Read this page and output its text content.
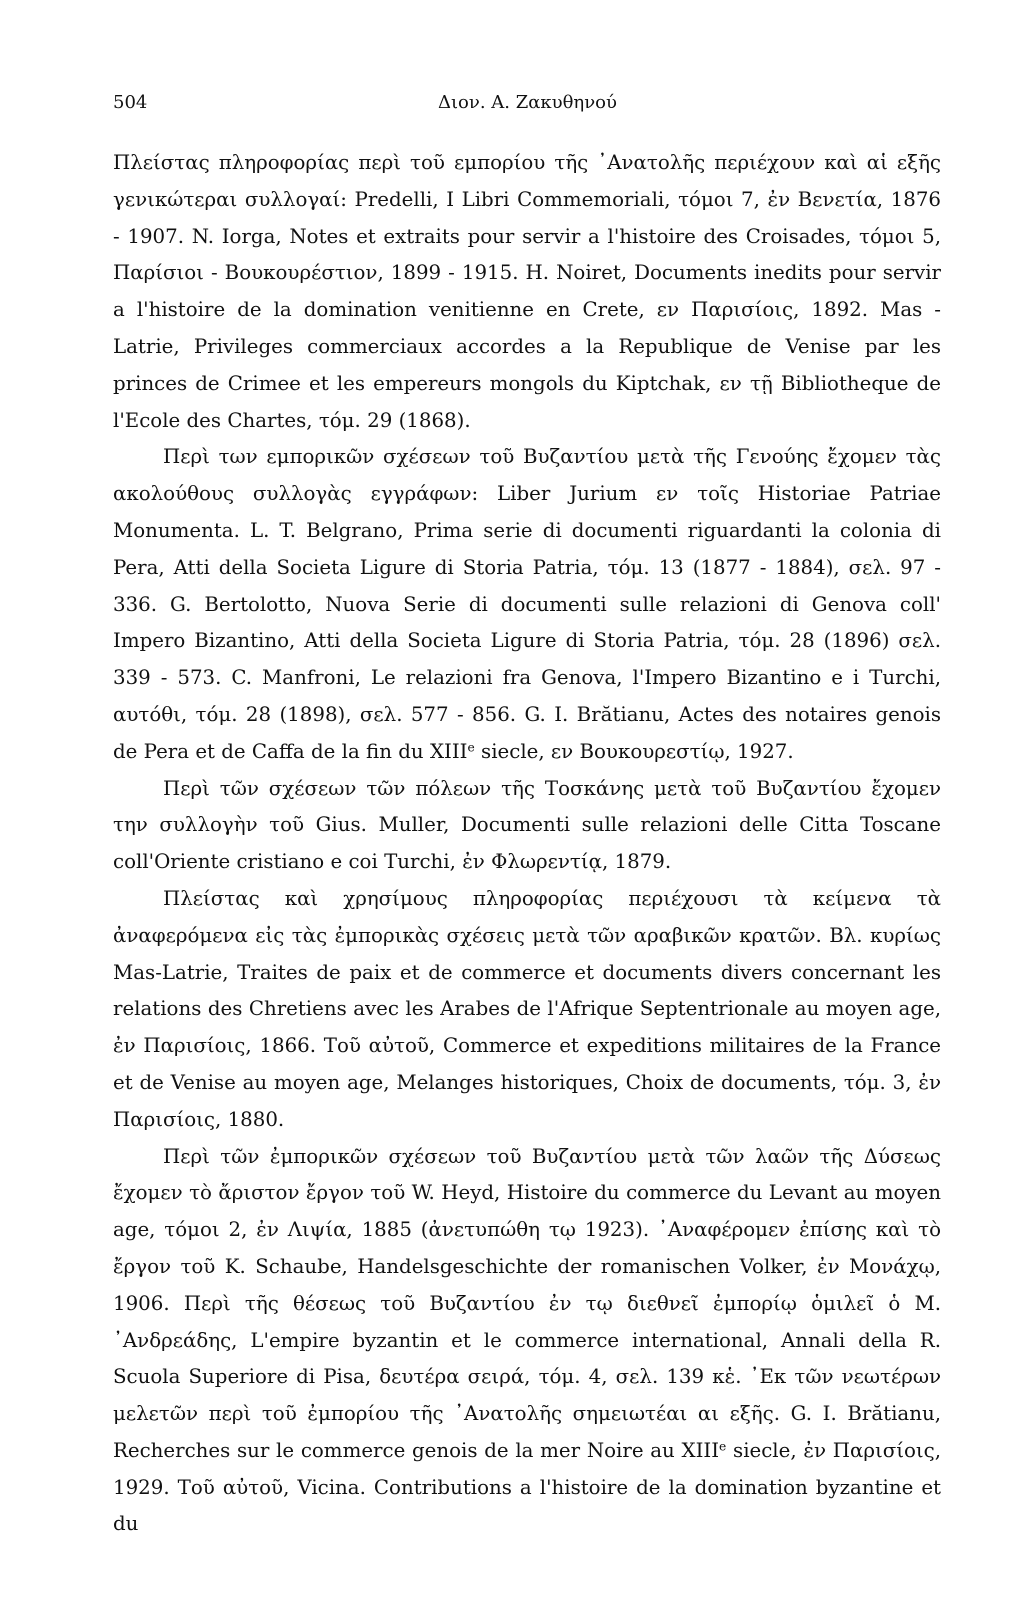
504	Διον. Α. Ζακυθηνού

Πλείστας πληροφορίας περὶ τοῦ εμπορίου τῆς ᾿Ανατολῆς περιέχουν καὶ αἱ εξῆς γενικώτεραι συλλογαί: Predelli, I Libri Commemoriali, τόμοι 7, ἐν Βενετία, 1876 - 1907. N. Iorga, Notes et extraits pour servir a l'histoire des Croisades, τόμοι 5, Παρίσιοι - Βουκουρέστιον, 1899 - 1915. H. Noiret, Documents inedits pour servir a l'histoire de la domination venitienne en Crete, εν Παρισίοις, 1892. Mas - Latrie, Privileges commerciaux accordes a la Republique de Venise par les princes de Crimee et les empereurs mongols du Kiptchak, εν τῇ Bibliotheque de l'Ecole des Chartes, τόμ. 29 (1868).

Περὶ των εμπορικῶν σχέσεων τοῦ Βυζαντίου μετὰ τῆς Γενούης ἔχομεν τὰς ακολούθους συλλογὰς εγγράφων: Liber Jurium εν τοῖς Historiae Patriae Monumenta. L. T. Belgrano, Prima serie di documenti riguardanti la colonia di Pera, Atti della Societa Ligure di Storia Patria, τόμ. 13 (1877 - 1884), σελ. 97 - 336. G. Bertolotto, Nuova Serie di documenti sulle relazioni di Genova coll' Impero Bizantino, Atti della Societa Ligure di Storia Patria, τόμ. 28 (1896) σελ. 339 - 573. C. Manfroni, Le relazioni fra Genova, l'Impero Bizantino e i Turchi, αυτόθι, τόμ. 28 (1898), σελ. 577 - 856. G. I. Brătianu, Actes des notaires genois de Pera et de Caffa de la fin du XIIIe siecle, εν Βουκουρεστίῳ, 1927.

Περὶ τῶν σχέσεων τῶν πόλεων τῆς Τοσκάνης μετὰ τοῦ Βυζαντίου ἔχομεν την συλλογὴν τοῦ Gius. Muller, Documenti sulle relazioni delle Citta Toscane coll'Oriente cristiano e coi Turchi, ἐν Φλωρεντίᾳ, 1879.

Πλείστας καὶ χρησίμους πληροφορίας περιέχουσι τὰ κείμενα τὰ ἀναφερόμενα εἰς τὰς ἐμπορικὰς σχέσεις μετὰ τῶν αραβικῶν κρατῶν. Βλ. κυρίως Mas-Latrie, Traites de paix et de commerce et documents divers concernant les relations des Chretiens avec les Arabes de l'Afrique Septentrionale au moyen age, ἐν Παρισίοις, 1866. Τοῦ αὐτοῦ, Commerce et expeditions militaires de la France et de Venise au moyen age, Melanges historiques, Choix de documents, τόμ. 3, ἐν Παρισίοις, 1880.

Περὶ τῶν ἐμπορικῶν σχέσεων τοῦ Βυζαντίου μετὰ τῶν λαῶν τῆς Δύσεως ἔχομεν τὸ ἄριστον ἔργον τοῦ W. Heyd, Histoire du commerce du Levant au moyen age, τόμοι 2, ἐν Λιψία, 1885 (ἀνετυπώθη τῳ 1923). ᾿Αναφέρομεν ἐπίσης καὶ τὸ ἔργον τοῦ K. Schaube, Handelsgeschichte der romanischen Volker, ἐν Μονάχῳ, 1906. Περὶ τῆς θέσεως τοῦ Βυζαντίου ἐν τῳ διεθνεῖ ἐμπορίῳ ὁμιλεῖ ὁ Μ. ᾿Ανδρεάδης, L'empire byzantin et le commerce international, Annali della R. Scuola Superiore di Pisa, δευτέρα σειρά, τόμ. 4, σελ. 139 κἑ. ᾿Εκ τῶν νεωτέρων μελετῶν περὶ τοῦ ἐμπορίου τῆς ᾿Ανατολῆς σημειωτέαι αι εξῆς. G. I. Brătianu, Recherches sur le commerce genois de la mer Noire au XIIIe siecle, ἐν Παρισίοις, 1929. Τοῦ αὐτοῦ, Vicina. Contributions a l'histoire de la domination byzantine et du
